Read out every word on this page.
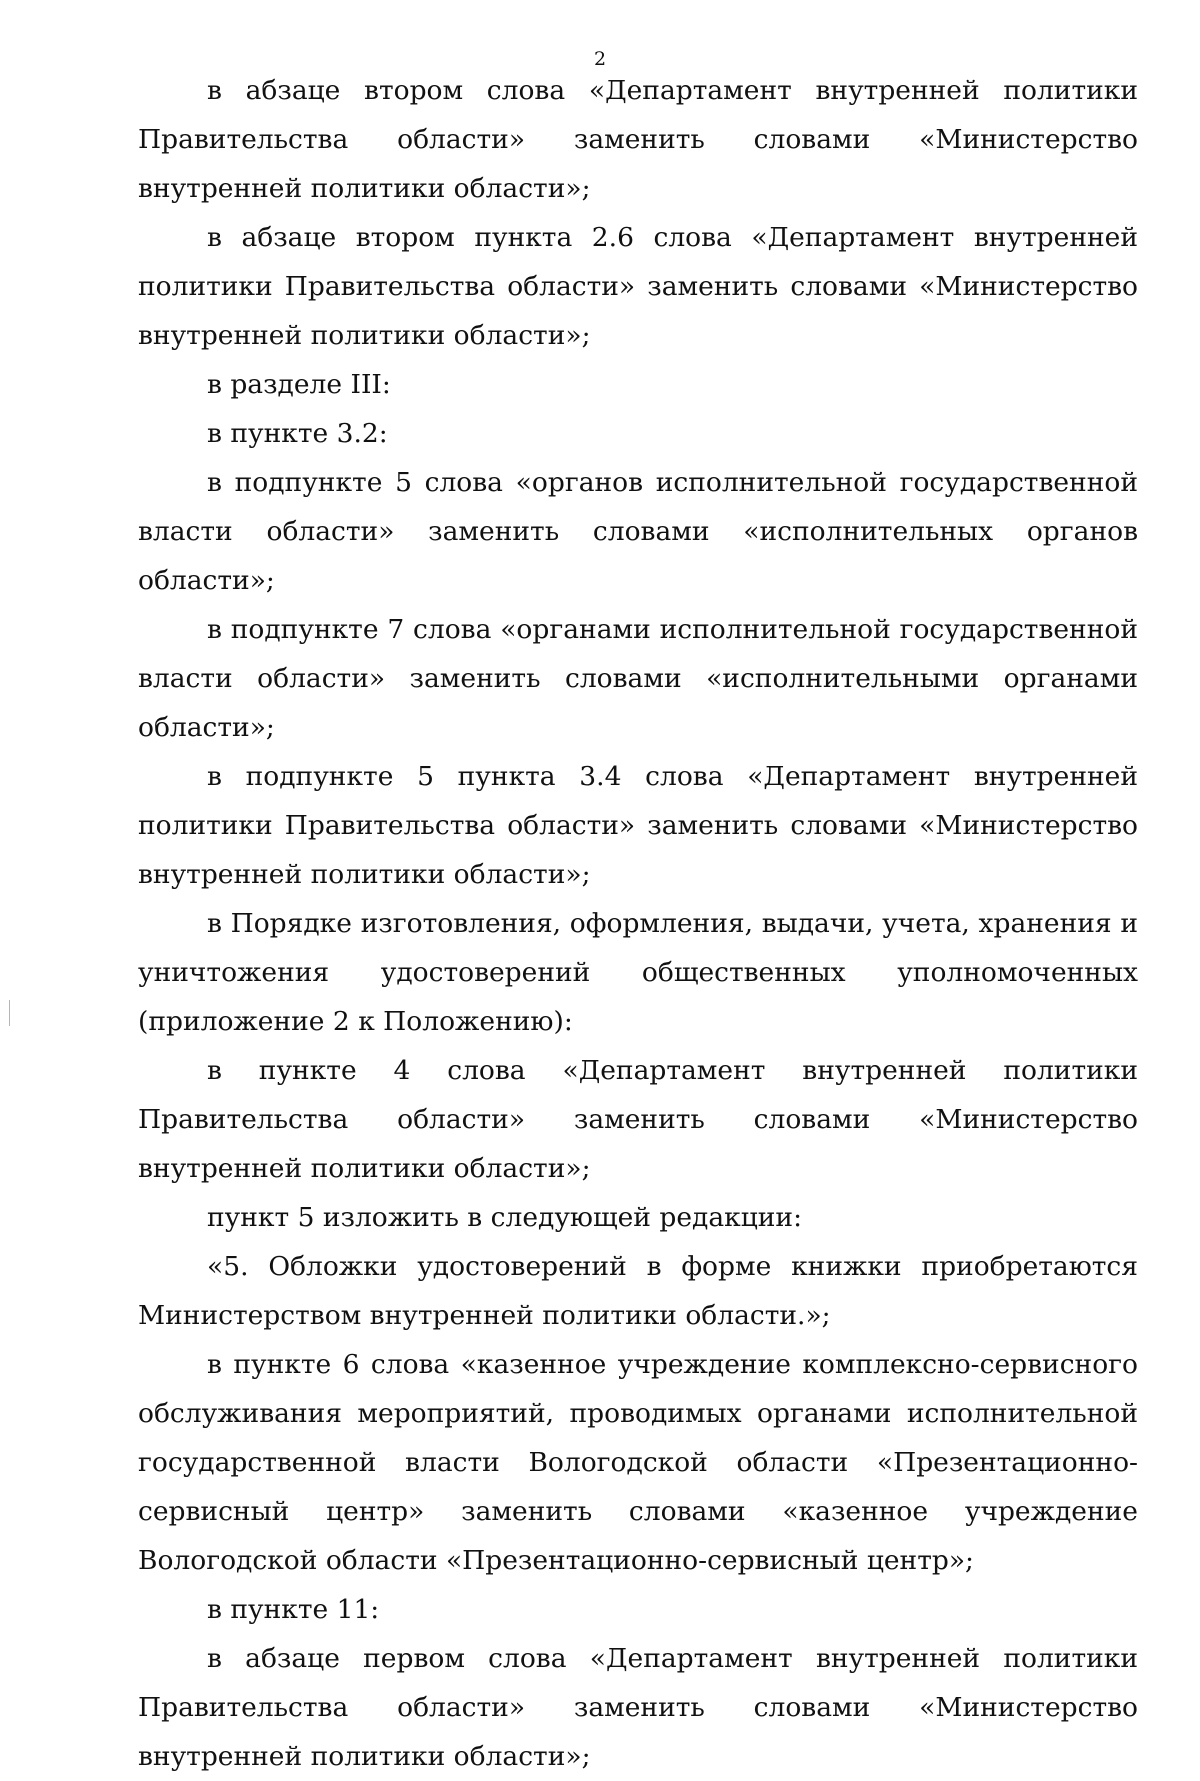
2

в абзаце втором слова «Департамент внутренней политики Правительства области» заменить словами «Министерство внутренней политики области»;

в абзаце втором пункта 2.6 слова «Департамент внутренней политики Правительства области» заменить словами «Министерство внутренней политики области»;

в разделе III:

в пункте 3.2:

в подпункте 5 слова «органов исполнительной государственной власти области» заменить словами «исполнительных органов области»;

в подпункте 7 слова «органами исполнительной государственной власти области» заменить словами «исполнительными органами области»;

в подпункте 5 пункта 3.4 слова «Департамент внутренней политики Правительства области» заменить словами «Министерство внутренней политики области»;

в Порядке изготовления, оформления, выдачи, учета, хранения и уничтожения удостоверений общественных уполномоченных (приложение 2 к Положению):

в пункте 4 слова «Департамент внутренней политики Правительства области» заменить словами «Министерство внутренней политики области»;

пункт 5 изложить в следующей редакции:

«5. Обложки удостоверений в форме книжки приобретаются Министерством внутренней политики области.»;

в пункте 6 слова «казенное учреждение комплексно-сервисного обслуживания мероприятий, проводимых органами исполнительной государственной власти Вологодской области «Презентационно-сервисный центр» заменить словами «казенное учреждение Вологодской области «Презентационно-сервисный центр»;

в пункте 11:

в абзаце первом слова «Департамент внутренней политики Правительства области» заменить словами «Министерство внутренней политики области»;
